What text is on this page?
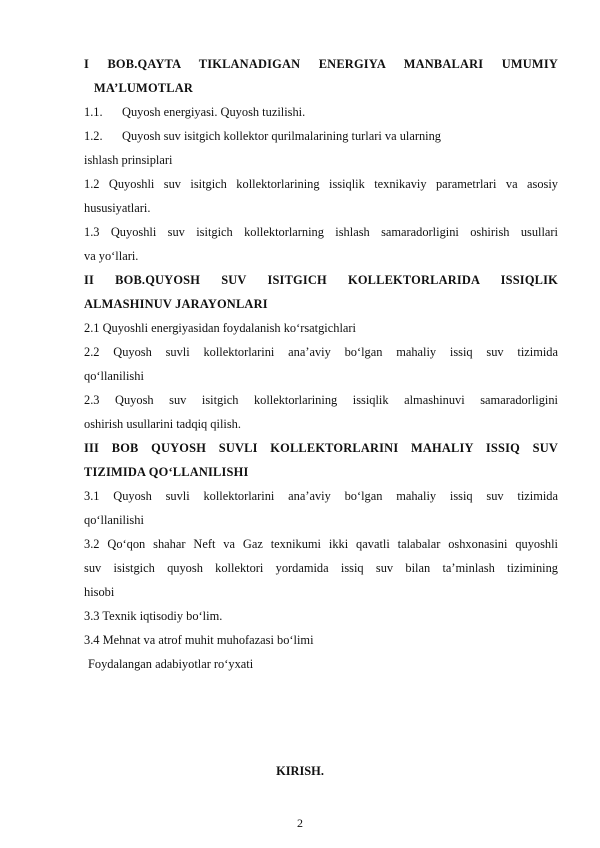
I BOB.QAYTA TIKLANADIGAN ENERGIYA MANBALARI UMUMIY
MA’LUMOTLAR
1.1.	Quyosh energiyasi. Quyosh tuzilishi.
1.2.	Quyosh suv isitgich kollektor qurilmalarining turlari va ularning
ishlash prinsiplari
1.2 Quyoshli suv isitgich kollektorlarining issiqlik texnikaviy parametrlari va asosiy
hususiyatlari.
1.3 Quyoshli suv isitgich kollektorlarning ishlash samaradorligini oshirish usullari
va yo‘llari.
II BOB.QUYOSH SUV ISITGICH KOLLEKTORLARIDA ISSIQLIK
ALMASHINUV JARAYONLARI
2.1 Quyoshli energiyasidan foydalanish ko‘rsatgichlari
2.2 Quyosh suvli kollektorlarini ana’aviy bo‘lgan mahaliy issiq suv tizimida
qo‘llanilishi
2.3 Quyosh suv isitgich kollektorlarining issiqlik almashinuvi samaradorligini
oshirish usullarini tadqiq qilish.
III BOB QUYOSH SUVLI KOLLEKTORLARINI MAHALIY ISSIQ SUV
TIZIMIDA QO‘LLANILISHI
3.1 Quyosh suvli kollektorlarini ana’aviy bo‘lgan mahaliy issiq suv tizimida
qo‘llanilishi
3.2 Qo‘qon shahar Neft va Gaz texnikumi ikki qavatli talabalar oshxonasini quyoshli
suv isistgich quyosh kollektori yordamida issiq suv bilan ta’minlash tizimining
hisobi
3.3 Texnik iqtisodiy bo‘lim.
3.4 Mehnat va atrof muhit muhofazasi bo‘limi
Foydalangan adabiyotlar ro‘yxati
KIRISH.
2
